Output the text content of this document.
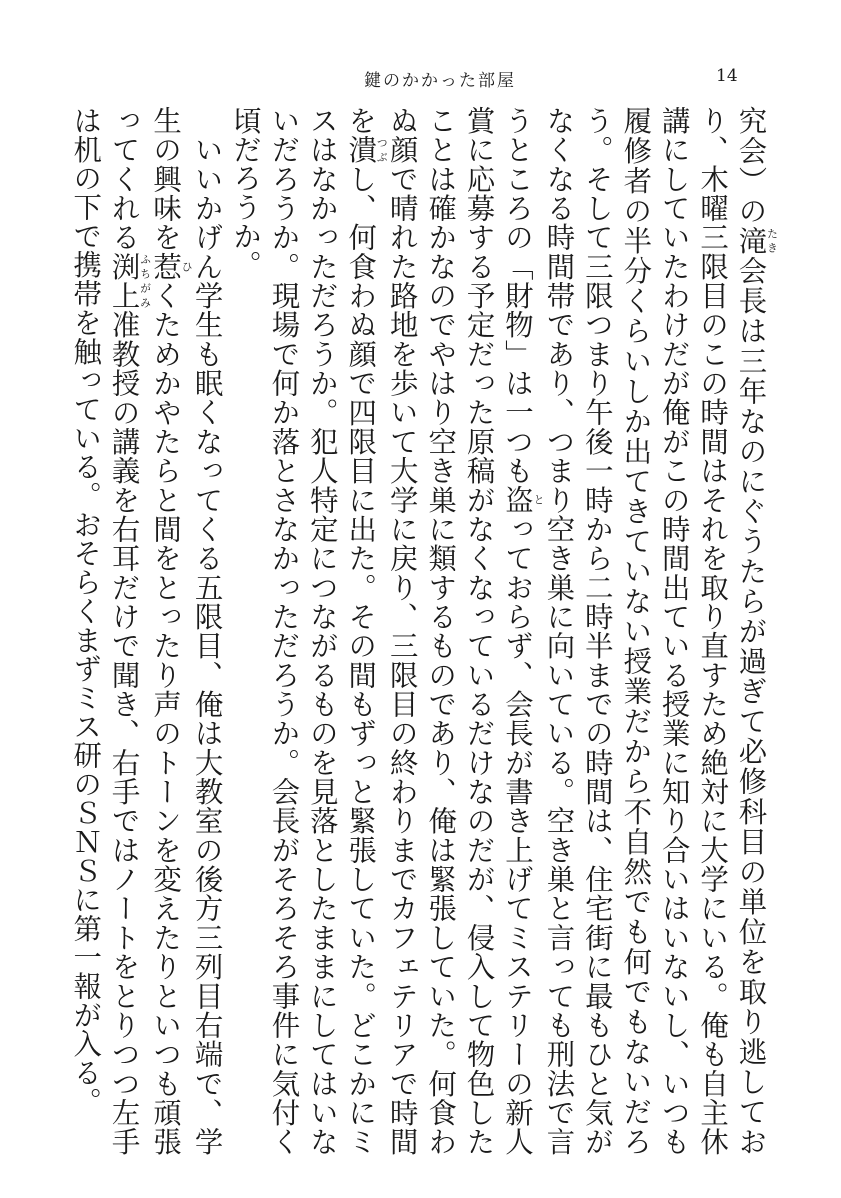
鍵のかかった部屋	14

究会）の滝たき会長は三年なのにぐうたらが過ぎて必修科目の単位を取り逃しており、木曜三限目のこの時間はそれを取り直すため絶対に大学にいる。俺も自主休講にしていたわけだが俺がこの時間出ている授業に知り合いはいないし、いつも履修者の半分くらいしか出てきていない授業だから不自然でも何でもないだろう。そして三限つまり午後一時から二時半までの時間は、住宅街に最もひと気がなくなる時間帯であり、つまり空き巣に向いている。空き巣と言っても刑法で言うところの「財物」は一つも盗とっておらず、会長が書き上げてミステリーの新人賞に応募する予定だった原稿がなくなっているだけなのだが、侵入して物色したことは確かなのでやはり空き巣に類するものであり、俺は緊張していた。何食わぬ顔で晴れた路地を歩いて大学に戻り、三限目の終わりまでカフェテリアで時間を潰つぶし、何食わぬ顔で四限目に出た。その間もずっと緊張していた。どこかにミスはなかっただろうか。犯人特定につながるものを見落としたままにしてはいないだろうか。現場で何か落とさなかっただろうか。会長がそろそろ事件に気付く頃だろうか。

　いいかげん学生も眠くなってくる五限目、俺は大教室の後方三列目右端で、学生の興味を惹ひくためかやたらと間をとったり声のトーンを変えたりといつも頑張ってくれる渕ふち上がみ准教授の講義を右耳だけで聞き、右手ではノートをとりつつ左手は机の下で携帯を触っている。おそらくまずミス研のＳＮＳに第一報が入る。
